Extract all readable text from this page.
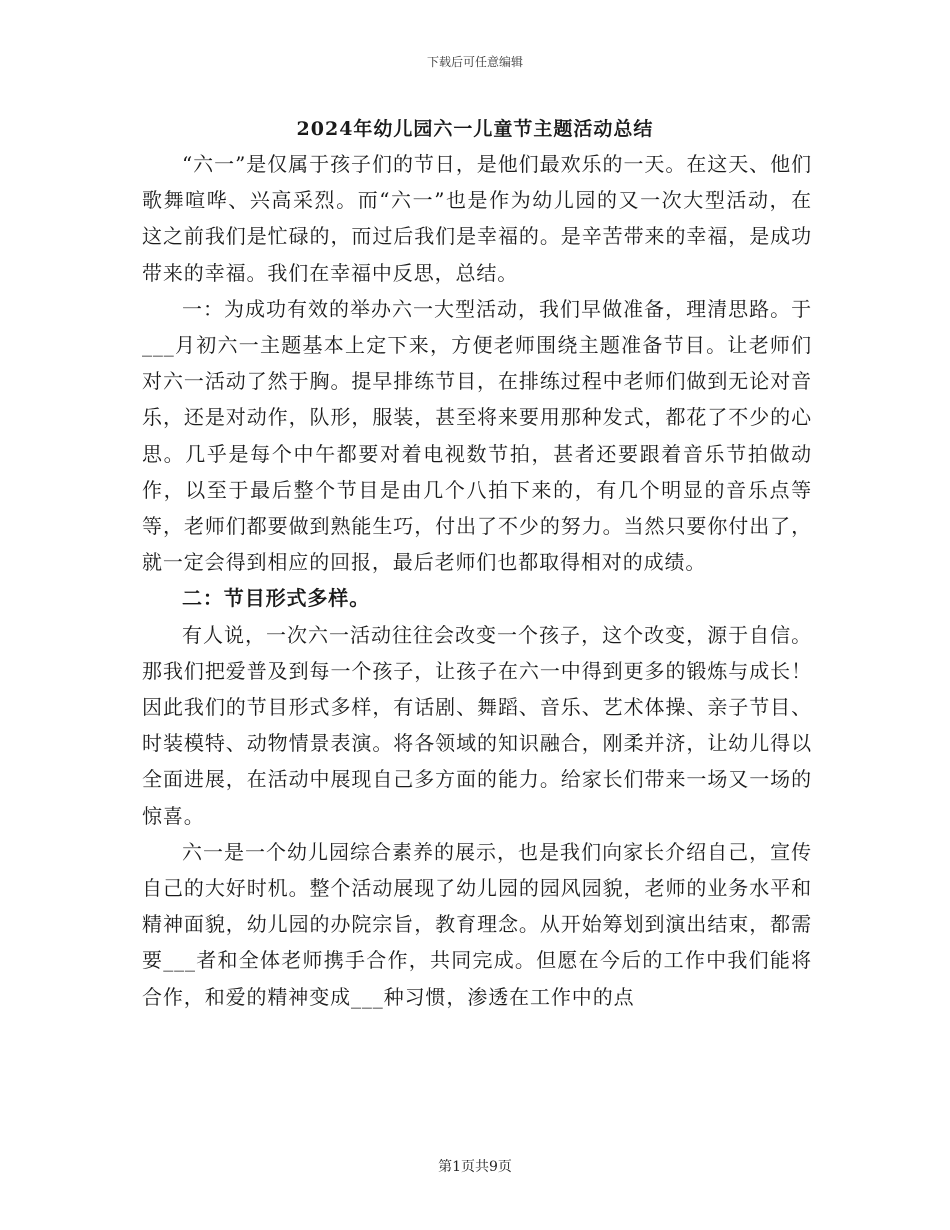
下载后可任意编辑
2024年幼儿园六一儿童节主题活动总结

“六一”是仅属于孩子们的节日，是他们最欢乐的一天。在这天、他们歌舞喧哗、兴高采烈。而“六一”也是作为幼儿园的又一次大型活动，在这之前我们是忙碌的，而过后我们是幸福的。是辛苦带来的幸福，是成功带来的幸福。我们在幸福中反思，总结。

一：为成功有效的举办六一大型活动，我们早做准备，理清思路。于___月初六一主题基本上定下来，方便老师围绕主题准备节目。让老师们对六一活动了然于胸。提早排练节目，在排练过程中老师们做到无论对音乐，还是对动作，队形，服装，甚至将来要用那种发式，都花了不少的心思。几乎是每个中午都要对着电视数节拍，甚者还要跟着音乐节拍做动作，以至于最后整个节目是由几个八拍下来的，有几个明显的音乐点等等，老师们都要做到熟能生巧，付出了不少的努力。当然只要你付出了，就一定会得到相应的回报，最后老师们也都取得相对的成绩。

二：节目形式多样。

有人说，一次六一活动往往会改变一个孩子，这个改变，源于自信。那我们把爱普及到每一个孩子，让孩子在六一中得到更多的锻炼与成长！因此我们的节目形式多样，有话剧、舞蹈、音乐、艺术体操、亲子节目、时装模特、动物情景表演。将各领域的知识融合，刚柔并济，让幼儿得以全面进展，在活动中展现自己多方面的能力。给家长们带来一场又一场的惊喜。

六一是一个幼儿园综合素养的展示，也是我们向家长介绍自己，宣传自己的大好时机。整个活动展现了幼儿园的园风园貌，老师的业务水平和精神面貌，幼儿园的办院宗旨，教育理念。从开始筹划到演出结束，都需要___者和全体老师携手合作，共同完成。但愿在今后的工作中我们能将合作，和爱的精神变成___种习惯，渗透在工作中的点

第1页共9页
